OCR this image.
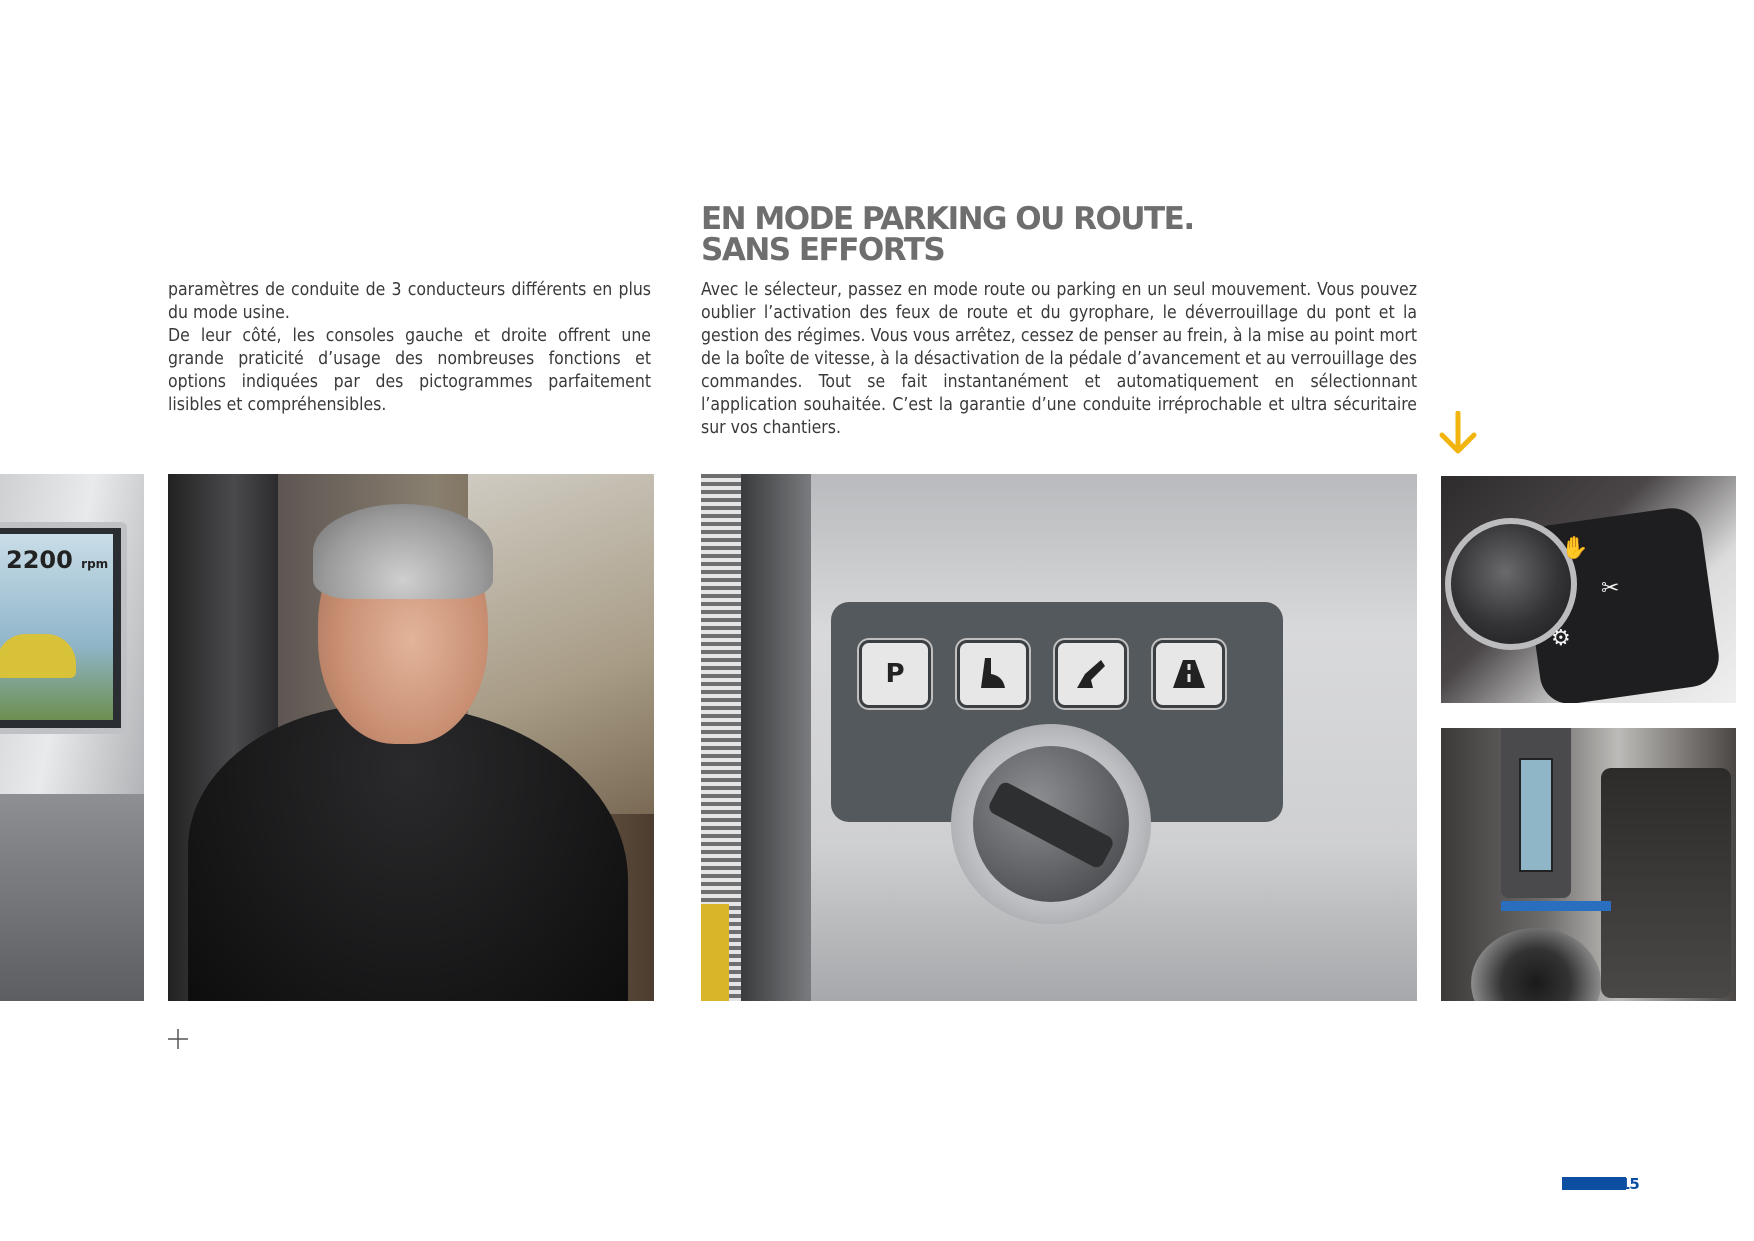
paramètres de conduite de 3 conducteurs différents en plus du mode usine.

De leur côté, les consoles gauche et droite offrent une grande praticité d’usage des nombreuses fonctions et options indiquées par des pictogrammes parfaitement lisibles et compréhensibles.

EN MODE PARKING OU ROUTE.
SANS EFFORTS

Avec le sélecteur, passez en mode route ou parking en un seul mouvement. Vous pouvez oublier l’activation des feux de route et du gyrophare, le déverrouillage du pont et la gestion des régimes. Vous vous arrêtez, cessez de penser au frein, à la mise au point mort de la boîte de vitesse, à la désactivation de la pédale d’avancement et au verrouillage des commandes. Tout se fait instantanément et automatiquement en sélectionnant l’application souhaitée. C’est la garantie d’une conduite irréprochable et ultra sécuritaire sur vos chantiers.

2200 rpm
P
✋
✂
⚙
15
